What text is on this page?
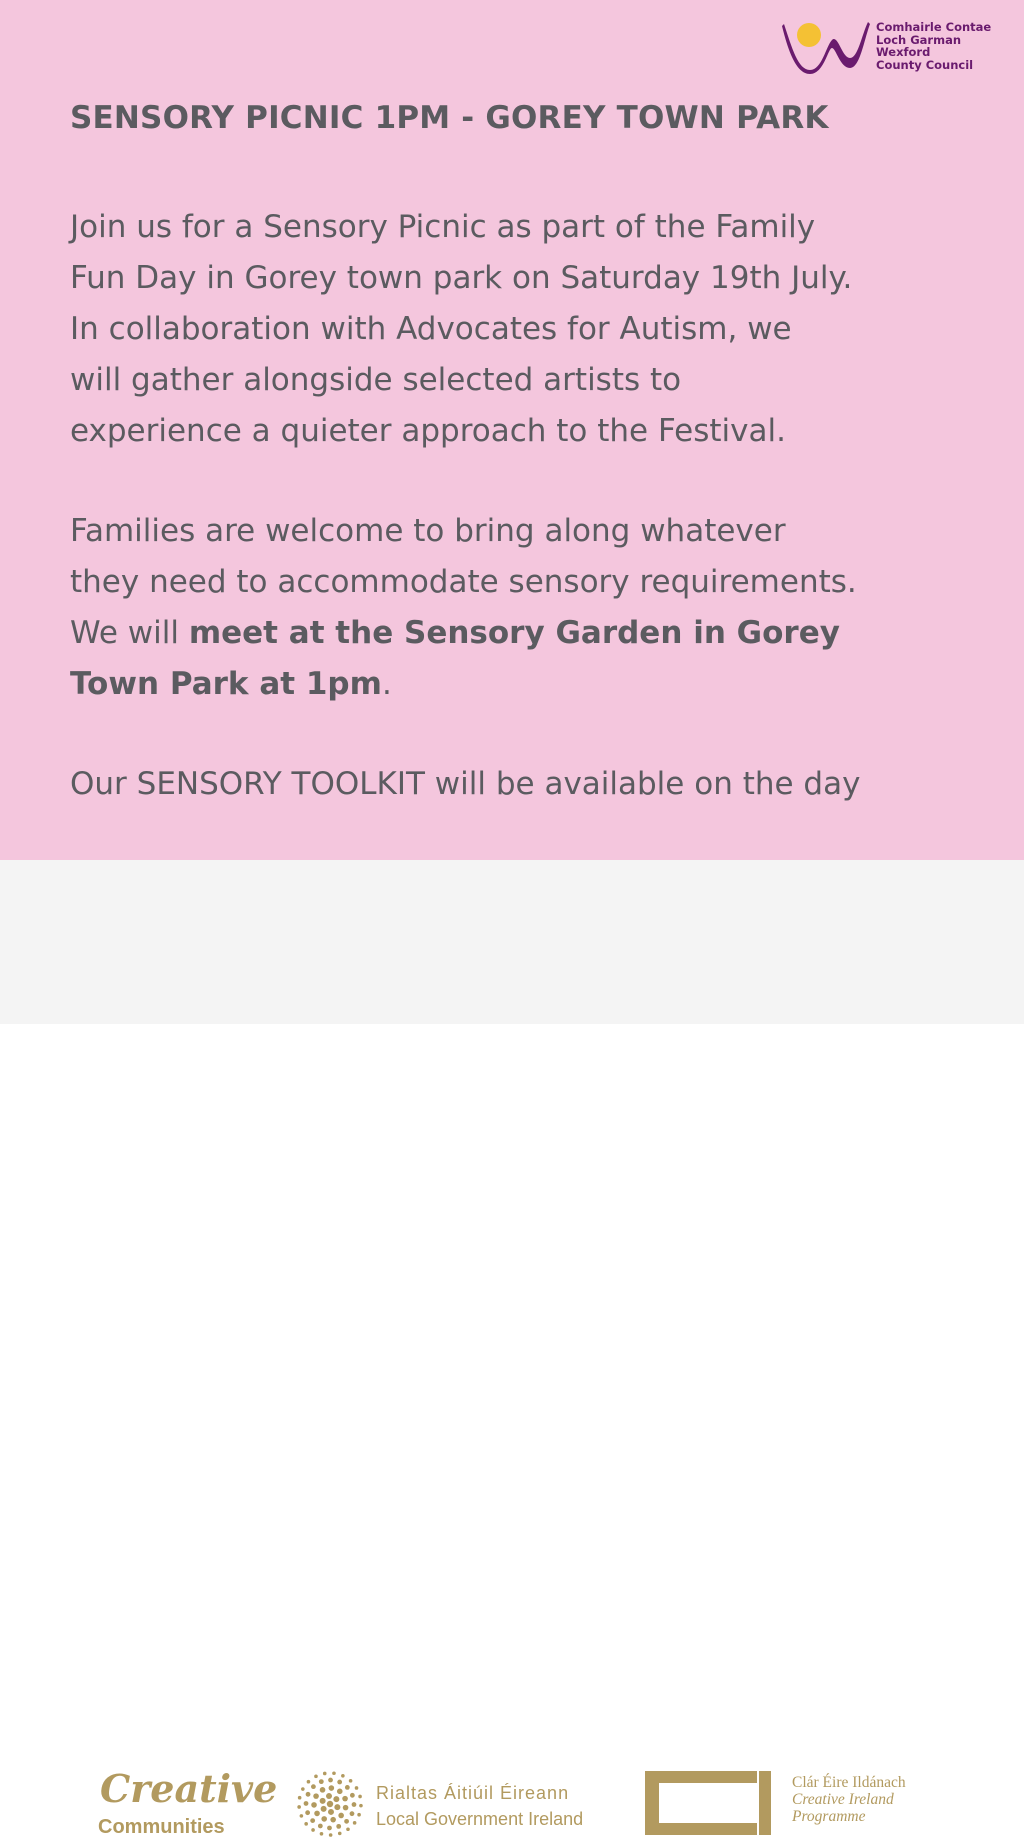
Comhairle Contae
Loch Garman
Wexford
County Council
SENSORY PICNIC 1PM - GOREY TOWN PARK
Join us for a Sensory Picnic as part of the Family
Fun Day in Gorey town park on Saturday 19th July.
In collaboration with Advocates for Autism, we
will gather alongside selected artists to
experience a quieter approach to the Festival.
Families are welcome to bring along whatever
they need to accommodate sensory requirements.
We will meet at the Sensory Garden in Gorey
Town Park at 1pm.
Our SENSORY TOOLKIT will be available on the day
Creative
Communities
Rialtas Áitiúil Éireann
Local Government Ireland
Clár Éire Ildánach
Creative Ireland
Programme
